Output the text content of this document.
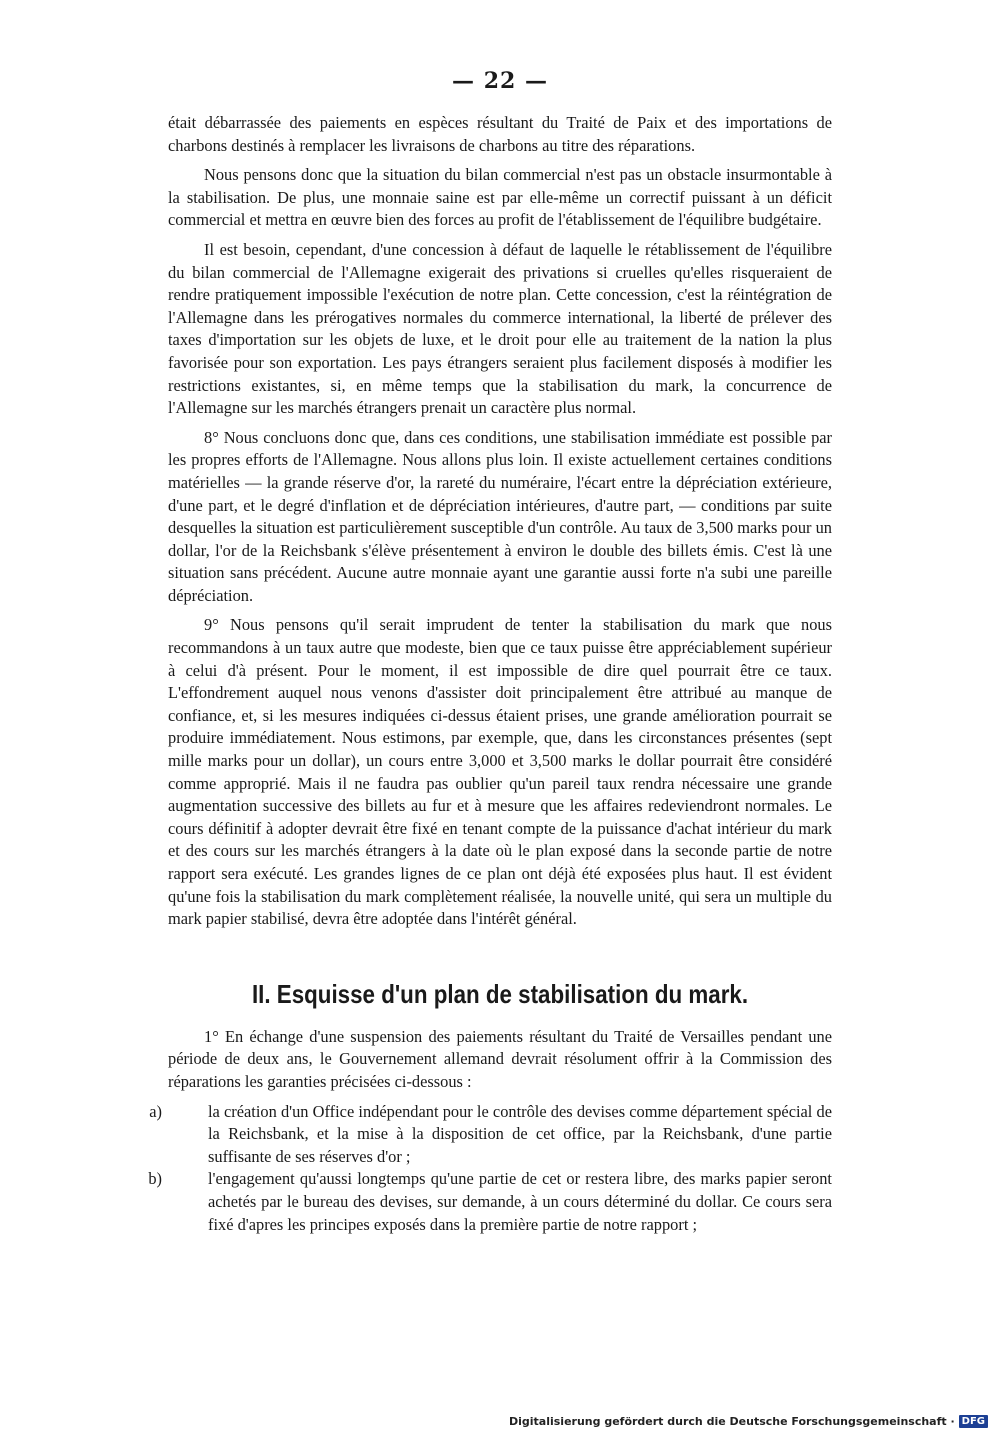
— 22 —

était débarrassée des paiements en espèces résultant du Traité de Paix et des importations de charbons destinés à remplacer les livraisons de charbons au titre des réparations.

Nous pensons donc que la situation du bilan commercial n'est pas un obstacle insurmontable à la stabilisation. De plus, une monnaie saine est par elle-même un correctif puissant à un déficit commercial et mettra en œuvre bien des forces au profit de l'établissement de l'équilibre budgétaire.

Il est besoin, cependant, d'une concession à défaut de laquelle le rétablissement de l'équilibre du bilan commercial de l'Allemagne exigerait des privations si cruelles qu'elles risqueraient de rendre pratiquement impossible l'exécution de notre plan. Cette concession, c'est la réintégration de l'Allemagne dans les prérogatives normales du commerce international, la liberté de prélever des taxes d'importation sur les objets de luxe, et le droit pour elle au traitement de la nation la plus favorisée pour son exportation. Les pays étrangers seraient plus facilement disposés à modifier les restrictions existantes, si, en même temps que la stabilisation du mark, la concurrence de l'Allemagne sur les marchés étrangers prenait un caractère plus normal.

8° Nous concluons donc que, dans ces conditions, une stabilisation immédiate est possible par les propres efforts de l'Allemagne. Nous allons plus loin. Il existe actuellement certaines conditions matérielles — la grande réserve d'or, la rareté du numéraire, l'écart entre la dépréciation extérieure, d'une part, et le degré d'inflation et de dépréciation intérieures, d'autre part, — conditions par suite desquelles la situation est particulièrement susceptible d'un contrôle. Au taux de 3,500 marks pour un dollar, l'or de la Reichsbank s'élève présentement à environ le double des billets émis. C'est là une situation sans précédent. Aucune autre monnaie ayant une garantie aussi forte n'a subi une pareille dépréciation.

9° Nous pensons qu'il serait imprudent de tenter la stabilisation du mark que nous recommandons à un taux autre que modeste, bien que ce taux puisse être appréciablement supérieur à celui d'à présent. Pour le moment, il est impossible de dire quel pourrait être ce taux. L'effondrement auquel nous venons d'assister doit principalement être attribué au manque de confiance, et, si les mesures indiquées ci-dessus étaient prises, une grande amélioration pourrait se produire immédiatement. Nous estimons, par exemple, que, dans les circonstances présentes (sept mille marks pour un dollar), un cours entre 3,000 et 3,500 marks le dollar pourrait être considéré comme approprié. Mais il ne faudra pas oublier qu'un pareil taux rendra nécessaire une grande augmentation successive des billets au fur et à mesure que les affaires redeviendront normales. Le cours définitif à adopter devrait être fixé en tenant compte de la puissance d'achat intérieur du mark et des cours sur les marchés étrangers à la date où le plan exposé dans la seconde partie de notre rapport sera exécuté. Les grandes lignes de ce plan ont déjà été exposées plus haut. Il est évident qu'une fois la stabilisation du mark complètement réalisée, la nouvelle unité, qui sera un multiple du mark papier stabilisé, devra être adoptée dans l'intérêt général.

II. Esquisse d'un plan de stabilisation du mark.

1° En échange d'une suspension des paiements résultant du Traité de Versailles pendant une période de deux ans, le Gouvernement allemand devrait résolument offrir à la Commission des réparations les garanties précisées ci-dessous :

a)	la création d'un Office indépendant pour le contrôle des devises comme département spécial de la Reichsbank, et la mise à la disposition de cet office, par la Reichsbank, d'une partie suffisante de ses réserves d'or ;
b)	l'engagement qu'aussi longtemps qu'une partie de cet or restera libre, des marks papier seront achetés par le bureau des devises, sur demande, à un cours déterminé du dollar. Ce cours sera fixé d'apres les principes exposés dans la première partie de notre rapport ;
Digitalisierung gefördert durch die Deutsche Forschungsgemeinschaft · DFG
